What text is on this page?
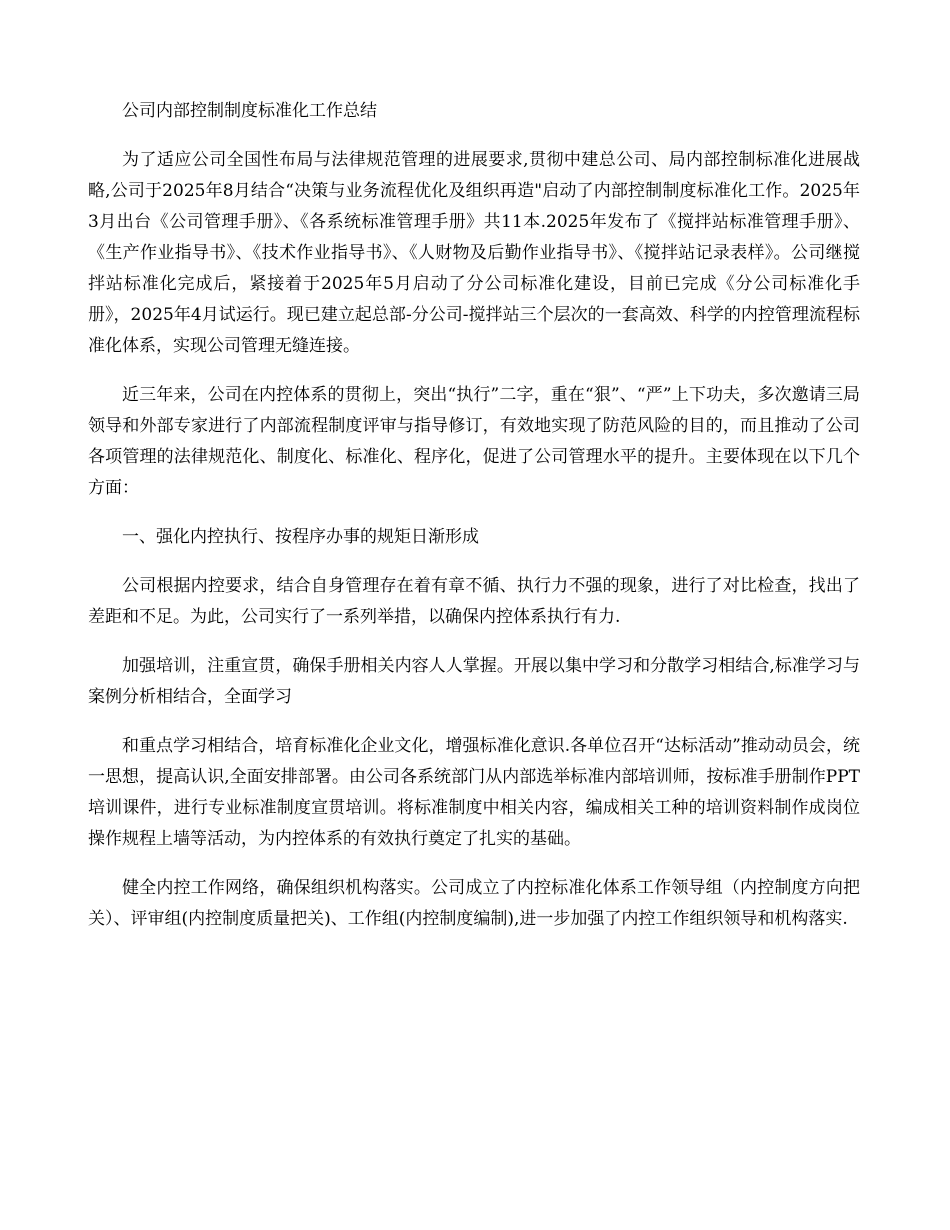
公司内部控制制度标准化工作总结

为了适应公司全国性布局与法律规范管理的进展要求,贯彻中建总公司、局内部控制标准化进展战略,公司于2025年8月结合“决策与业务流程优化及组织再造"启动了内部控制制度标准化工作。2025年3月出台《公司管理手册》、《各系统标准管理手册》共11本.2025年发布了《搅拌站标准管理手册》、《生产作业指导书》、《技术作业指导书》、《人财物及后勤作业指导书》、《搅拌站记录表样》。公司继搅拌站标准化完成后，紧接着于2025年5月启动了分公司标准化建设，目前已完成《分公司标准化手册》，2025年4月试运行。现已建立起总部-分公司-搅拌站三个层次的一套高效、科学的内控管理流程标准化体系，实现公司管理无缝连接。

近三年来，公司在内控体系的贯彻上，突出“执行”二字，重在“狠”、“严”上下功夫，多次邀请三局领导和外部专家进行了内部流程制度评审与指导修订，有效地实现了防范风险的目的，而且推动了公司各项管理的法律规范化、制度化、标准化、程序化，促进了公司管理水平的提升。主要体现在以下几个方面：

一、强化内控执行、按程序办事的规矩日渐形成

公司根据内控要求，结合自身管理存在着有章不循、执行力不强的现象，进行了对比检查，找出了差距和不足。为此，公司实行了一系列举措，以确保内控体系执行有力.

加强培训，注重宣贯，确保手册相关内容人人掌握。开展以集中学习和分散学习相结合,标准学习与案例分析相结合，全面学习

和重点学习相结合，培育标准化企业文化，增强标准化意识.各单位召开“达标活动”推动动员会，统一思想，提高认识,全面安排部署。由公司各系统部门从内部选举标准内部培训师，按标准手册制作PPT培训课件，进行专业标准制度宣贯培训。将标准制度中相关内容，编成相关工种的培训资料制作成岗位操作规程上墙等活动，为内控体系的有效执行奠定了扎实的基础。

健全内控工作网络，确保组织机构落实。公司成立了内控标准化体系工作领导组（内控制度方向把关）、评审组(内控制度质量把关)、工作组(内控制度编制),进一步加强了内控工作组织领导和机构落实.
